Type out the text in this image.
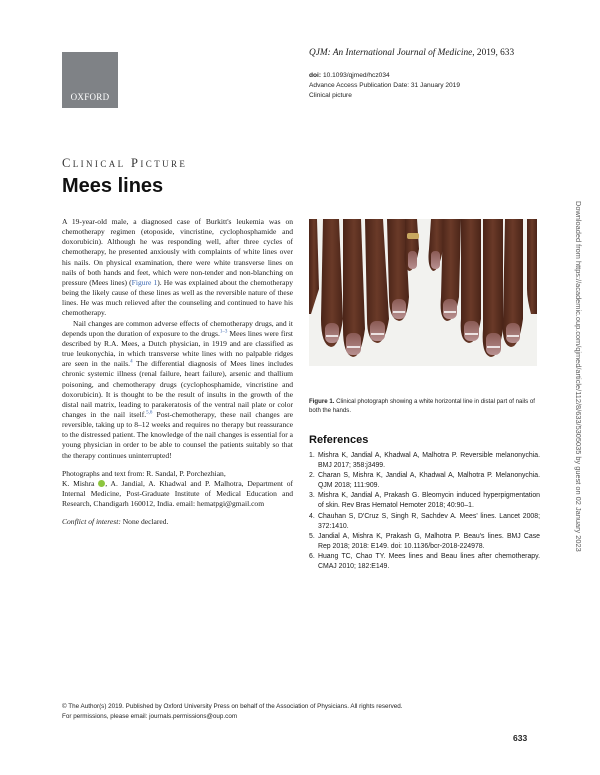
OXFORD
QJM: An International Journal of Medicine, 2019, 633
doi: 10.1093/qjmed/hcz034
Advance Access Publication Date: 31 January 2019
Clinical picture
Clinical Picture
Mees lines

A 19-year-old male, a diagnosed case of Burkitt's leukemia was on chemotherapy regimen (etoposide, vincristine, cyclophosphamide and doxorubicin). Although he was responding well, after three cycles of chemotherapy, he presented anxiously with complaints of white lines over his nails. On physical examination, there were white transverse lines on nails of both hands and feet, which were non-tender and non-blanching on pressure (Mees lines) (Figure 1). He was explained about the chemotherapy being the likely cause of these lines as well as the reversible nature of these lines. He was much relieved after the counseling and continued to have his chemotherapy.

Nail changes are common adverse effects of chemotherapy drugs, and it depends upon the duration of exposure to the drugs.$^{1-3}$ Mees lines were first described by R.A. Mees, a Dutch physician, in 1919 and are classified as true leukonychia, in which transverse white lines with no palpable ridges are seen in the nails.$^4$ The differential diagnosis of Mees lines includes chronic systemic illness (renal failure, heart failure), arsenic and thallium poisoning, and chemotherapy drugs (cyclophosphamide, vincristine and doxorubicin). It is thought to be the result of insults in the growth of the distal nail matrix, leading to parakeratosis of the ventral nail plate or color changes in the nail itself.$^{5,6}$ Post-chemotherapy, these nail changes are reversible, taking up to 8–12 weeks and requires no therapy but reassurance to the distressed patient. The knowledge of the nail changes is essential for a young physician in order to be able to counsel the patients suitably so that the therapy continues uninterrupted!

Photographs and text from: R. Sandal, P. Porchezhian,
K. Mishra , A. Jandial, A. Khadwal and P. Malhotra, Department of Internal Medicine, Post-Graduate Institute of Medical Education and Research, Chandigarh 160012, India. email: hematpgi@gmail.com

Conflict of interest: None declared.

Figure 1. Clinical photograph showing a white horizontal line in distal part of nails of both the hands.
References
1. Mishra K, Jandial A, Khadwal A, Malhotra P. Reversible melanonychia. BMJ 2017; 358:j3499.
2. Charan S, Mishra K, Jandial A, Khadwal A, Malhotra P. Melanonychia. QJM 2018; 111:909.
3. Mishra K, Jandial A, Prakash G. Bleomycin induced hyperpigmentation of skin. Rev Bras Hematol Hemoter 2018; 40:90–1.
4. Chauhan S, D'Cruz S, Singh R, Sachdev A. Mees' lines. Lancet 2008; 372:1410.
5. Jandial A, Mishra K, Prakash G, Malhotra P. Beau's lines. BMJ Case Rep 2018; 2018: E149. doi: 10.1136/bcr-2018-224978.
6. Huang TC, Chao TY. Mees lines and Beau lines after chemotherapy. CMAJ 2010; 182:E149.
Downloaded from https://academic.oup.com/qjmed/article/112/8/633/5305035 by guest on 02 January 2023
© The Author(s) 2019. Published by Oxford University Press on behalf of the Association of Physicians. All rights reserved.
For permissions, please email: journals.permissions@oup.com
633
